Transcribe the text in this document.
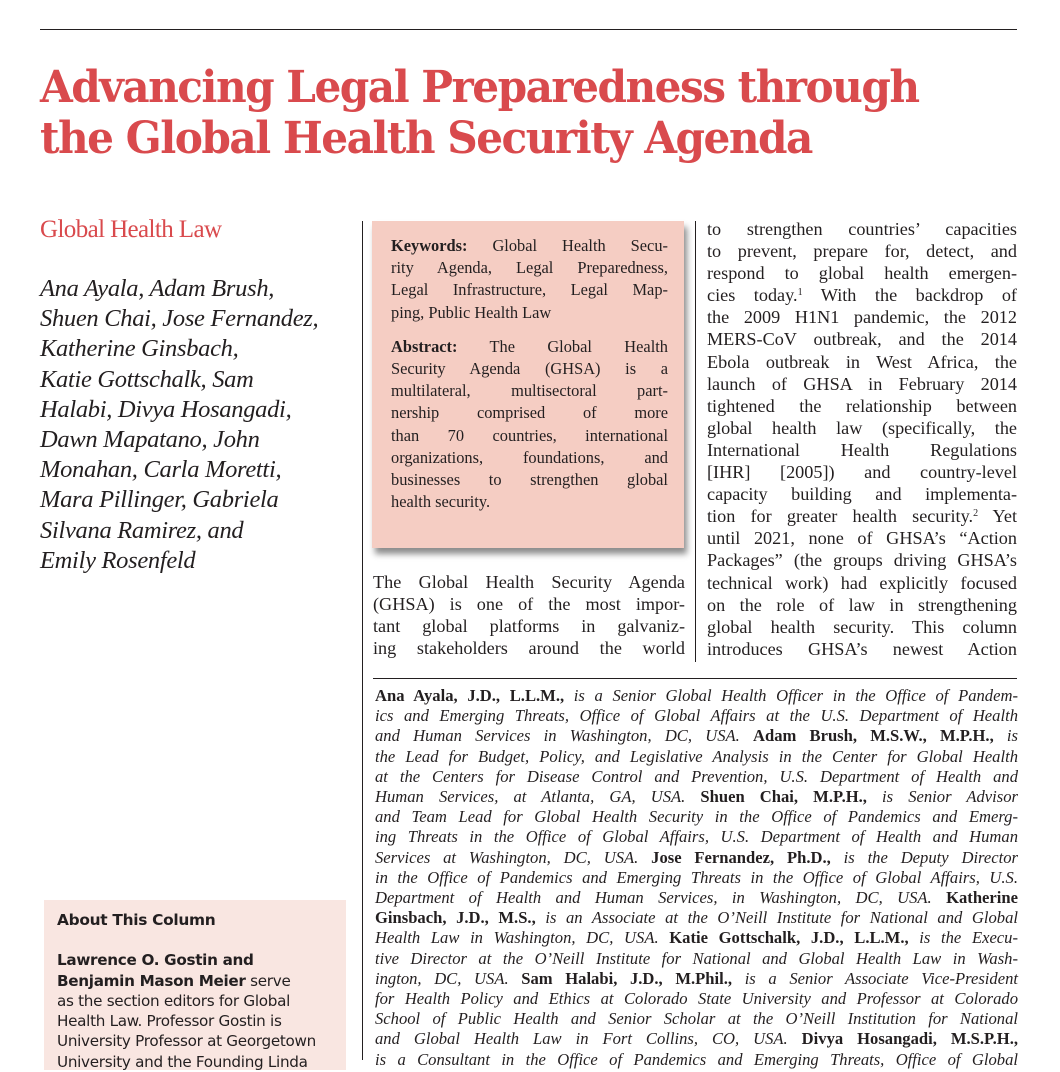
Advancing Legal Preparedness through
the Global Health Security Agenda
Global Health Law
Ana Ayala, Adam Brush,
Shuen Chai, Jose Fernandez,
Katherine Ginsbach,
Katie Gottschalk, Sam
Halabi, Divya Hosangadi,
Dawn Mapatano, John
Monahan, Carla Moretti,
Mara Pillinger, Gabriela
Silvana Ramirez, and
Emily Rosenfeld

Keywords: Global Health Secu-
rity Agenda, Legal Preparedness,
Legal Infrastructure, Legal Map-
ping, Public Health Law

Abstract: The Global Health
Security Agenda (GHSA) is a
multilateral, multisectoral part-
nership comprised of more
than 70 countries, international
organizations, foundations, and
businesses to strengthen global
health security.

The Global Health Security Agenda
(GHSA) is one of the most impor-
tant global platforms in galvaniz-
ing stakeholders around the world
to strengthen countries’ capacities
to prevent, prepare for, detect, and
respond to global health emergen-
cies today.$^1$ With the backdrop of
the 2009 H1N1 pandemic, the 2012
MERS-CoV outbreak, and the 2014
Ebola outbreak in West Africa, the
launch of GHSA in February 2014
tightened the relationship between
global health law (specifically, the
International Health Regulations
[IHR] [2005]) and country-level
capacity building and implementa-
tion for greater health security.$^2$ Yet
until 2021, none of GHSA’s “Action
Packages” (the groups driving GHSA’s
technical work) had explicitly focused
on the role of law in strengthening
global health security. This column
introduces GHSA’s newest Action
Ana Ayala, J.D., L.L.M., is a Senior Global Health Officer in the Office of Pandem-
ics and Emerging Threats, Office of Global Affairs at the U.S. Department of Health
and Human Services in Washington, DC, USA. Adam Brush, M.S.W., M.P.H., is
the Lead for Budget, Policy, and Legislative Analysis in the Center for Global Health
at the Centers for Disease Control and Prevention, U.S. Department of Health and
Human Services, at Atlanta, GA, USA. Shuen Chai, M.P.H., is Senior Advisor
and Team Lead for Global Health Security in the Office of Pandemics and Emerg-
ing Threats in the Office of Global Affairs, U.S. Department of Health and Human
Services at Washington, DC, USA. Jose Fernandez, Ph.D., is the Deputy Director
in the Office of Pandemics and Emerging Threats in the Office of Global Affairs, U.S.
Department of Health and Human Services, in Washington, DC, USA. Katherine
Ginsbach, J.D., M.S., is an Associate at the O’Neill Institute for National and Global
Health Law in Washington, DC, USA. Katie Gottschalk, J.D., L.L.M., is the Execu-
tive Director at the O’Neill Institute for National and Global Health Law in Wash-
ington, DC, USA. Sam Halabi, J.D., M.Phil., is a Senior Associate Vice-President
for Health Policy and Ethics at Colorado State University and Professor at Colorado
School of Public Health and Senior Scholar at the O’Neill Institution for National
and Global Health Law in Fort Collins, CO, USA. Divya Hosangadi, M.S.P.H.,
is a Consultant in the Office of Pandemics and Emerging Threats, Office of Global
About This Column
Lawrence O. Gostin and
Benjamin Mason Meier serve
as the section editors for Global
Health Law. Professor Gostin is
University Professor at Georgetown
University and the Founding Linda
